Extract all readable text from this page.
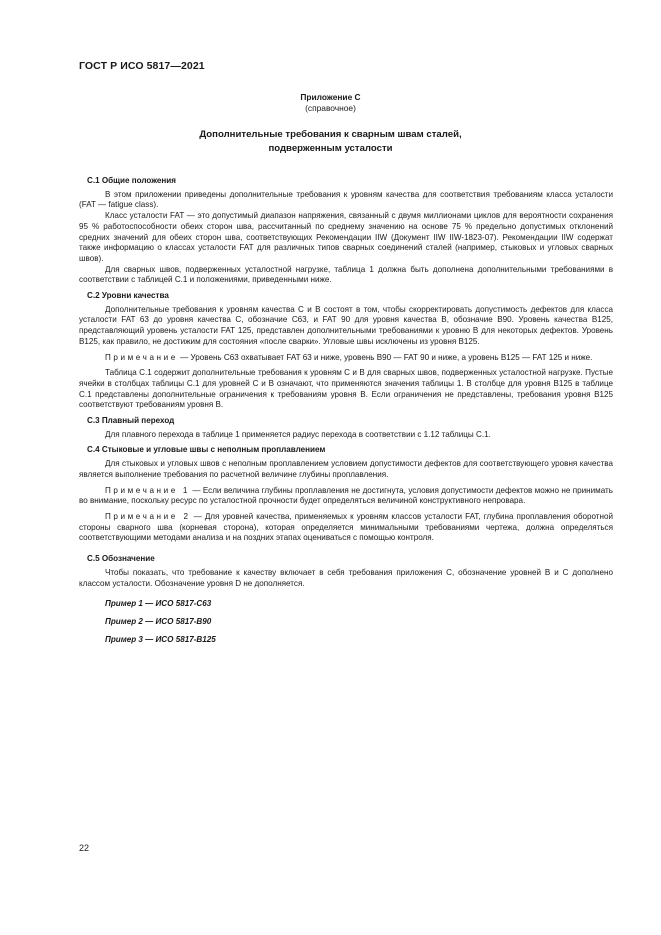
ГОСТ Р ИСО 5817—2021
Приложение С
(справочное)
Дополнительные требования к сварным швам сталей,
подверженным усталости
С.1 Общие положения

В этом приложении приведены дополнительные требования к уровням качества для соответствия требованиям класса усталости (FAT — fatigue class).

Класс усталости FAT — это допустимый диапазон напряжения, связанный с двумя миллионами циклов для вероятности сохранения 95 % работоспособности обеих сторон шва, рассчитанный по среднему значению на основе 75 % предельно допустимых отклонений средних значений для обеих сторон шва, соответствующих Рекомендации IIW (Документ IIW IIW-1823-07). Рекомендации IIW содержат также информацию о классах усталости FAT для различных типов сварных соединений сталей (например, стыковых и угловых сварных швов).

Для сварных швов, подверженных усталостной нагрузке, таблица 1 должна быть дополнена дополнительными требованиями в соответствии с таблицей С.1 и положениями, приведенными ниже.

С.2 Уровни качества

Дополнительные требования к уровням качества С и В состоят в том, чтобы скорректировать допустимость дефектов для класса усталости FAT 63 до уровня качества С, обозначие С63, и FAT 90 для уровня качества В, обозначие В90. Уровень качества В125, представляющий уровень усталости FAT 125, представлен дополнительными требованиями к уровню В для некоторых дефектов. Уровень В125, как правило, не достижим для состояния «после сварки». Угловые швы исключены из уровня В125.

Примечание — Уровень С63 охватывает FAT 63 и ниже, уровень В90 — FAT 90 и ниже, а уровень В125 — FAT 125 и ниже.

Таблица С.1 содержит дополнительные требования к уровням С и В для сварных швов, подверженных усталостной нагрузке. Пустые ячейки в столбцах таблицы С.1 для уровней С и В означают, что применяются значения таблицы 1. В столбце для уровня В125 в таблице С.1 представлены дополнительные ограничения к требованиям уровня В. Если ограничения не представлены, требования уровня В125 соответствуют требованиям уровня В.

С.3 Плавный переход

Для плавного перехода в таблице 1 применяется радиус перехода в соответствии с 1.12 таблицы С.1.

С.4 Стыковые и угловые швы с неполным проплавлением

Для стыковых и угловых швов с неполным проплавлением условием допустимости дефектов для соответствующего уровня качества является выполнение требования по расчетной величине глубины проплавления.

Примечание 1 — Если величина глубины проплавления не достигнута, условия допустимости дефектов можно не принимать во внимание, поскольку ресурс по усталостной прочности будет определяться величиной конструктивного непровара.

Примечание 2 — Для уровней качества, применяемых к уровням классов усталости FAT, глубина проплавления оборотной стороны сварного шва (корневая сторона), которая определяется минимальными требованиями чертежа, должна определяться соответствующими методами анализа и на поздних этапах оцениваться с помощью контроля.

С.5 Обозначение

Чтобы показать, что требование к качеству включает в себя требования приложения С, обозначение уровней В и С дополнено классом усталости. Обозначение уровня D не дополняется.

Пример 1 — ИСО 5817-С63
Пример 2 — ИСО 5817-В90
Пример 3 — ИСО 5817-В125
22
